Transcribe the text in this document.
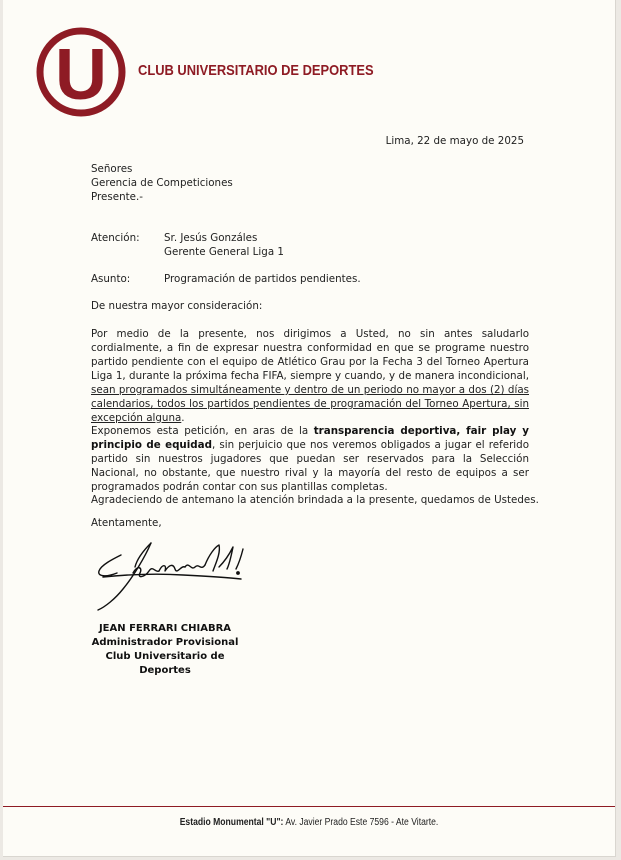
U CLUB UNIVERSITARIO DE DEPORTES
Lima, 22 de mayo de 2025
Señores
Gerencia de Competiciones
Presente.-
Atención: Sr. Jesús Gonzáles
Gerente General Liga 1
Asunto:	Programación de partidos pendientes.
De nuestra mayor consideración:
Por medio de la presente, nos dirigimos a Usted, no sin antes saludarlo cordialmente, a fin de expresar nuestra conformidad en que se programe nuestro partido pendiente con el equipo de Atlético Grau por la Fecha 3 del Torneo Apertura Liga 1, durante la próxima fecha FIFA, siempre y cuando, y de manera incondicional, sean programados simultáneamente y dentro de un periodo no mayor a dos (2) días calendarios, todos los partidos pendientes de programación del Torneo Apertura, sin excepción alguna.
Exponemos esta petición, en aras de la transparencia deportiva, fair play y principio de equidad, sin perjuicio que nos veremos obligados a jugar el referido partido sin nuestros jugadores que puedan ser reservados para la Selección Nacional, no obstante, que nuestro rival y la mayoría del resto de equipos a ser programados podrán contar con sus plantillas completas.
Agradeciendo de antemano la atención brindada a la presente, quedamos de Ustedes.
Atentamente,
JEAN FERRARI CHIABRA
Administrador Provisional
Club Universitario de Deportes
Estadio Monumental "U": Av. Javier Prado Este 7596 - Ate Vitarte.
